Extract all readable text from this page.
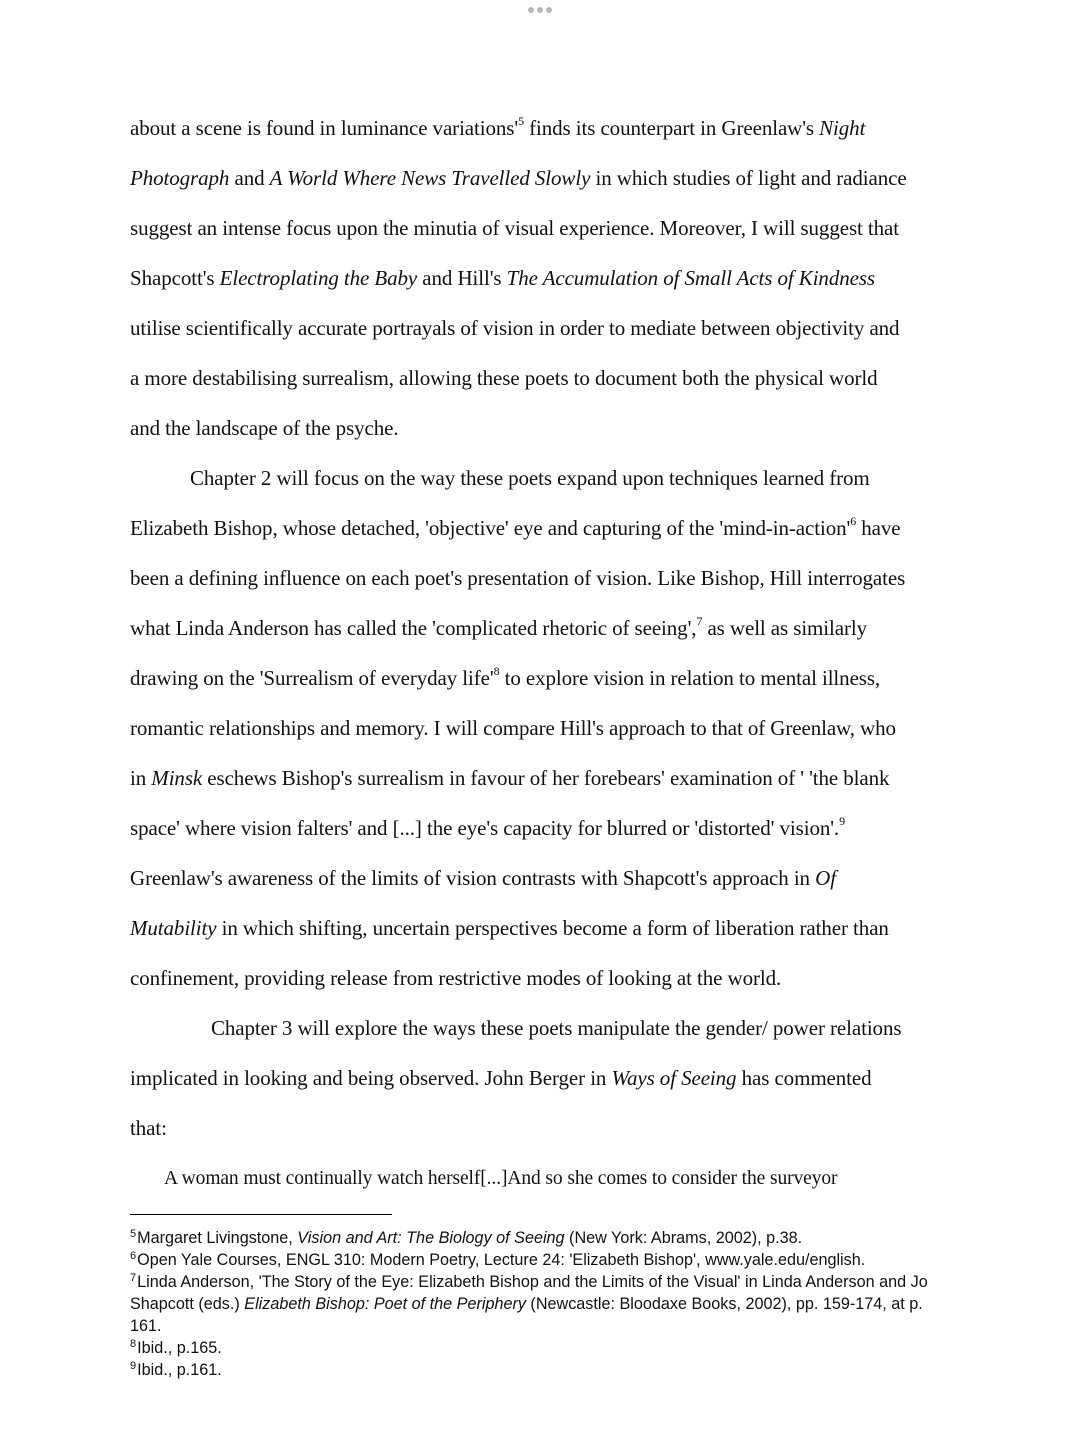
about a scene is found in luminance $variations'^5$ finds its counterpart in Greenlaw's Night
Photograph and A World Where News Travelled Slowly in which studies of light and radiance
suggest an intense focus upon the minutia of visual experience. Moreover, I will suggest that
Shapcott's Electroplating the Baby and Hill's The Accumulation of Small Acts of Kindness
utilise scientifically accurate portrayals of vision in order to mediate between objectivity and
a more destabilising surrealism, allowing these poets to document both the physical world
and the landscape of the psyche.
Chapter 2 will focus on the way these poets expand upon techniques learned from
Elizabeth Bishop, whose detached, 'objective' eye and capturing of the '$\min d-in-action'^6$ have
been a defining influence on each poet's presentation of vision. Like Bishop, Hill interrogates
what Linda Anderson has called the 'complicated rhetoric of seeing',$^7$ as well as similarly
drawing on the 'Surrealism of everyday $life'^8$ to explore vision in relation to mental illness,
romantic relationships and memory. I will compare Hill's approach to that of Greenlaw, who
in Minsk eschews Bishop's surrealism in favour of her forebears' examination of ' 'the blank
space' where vision falters' and [...] the eye's capacity for blurred or 'distorted' vision'.$^9$
Greenlaw's awareness of the limits of vision contrasts with Shapcott's approach in Of
Mutability in which shifting, uncertain perspectives become a form of liberation rather than
confinement, providing release from restrictive modes of looking at the world.
Chapter 3 will explore the ways these poets manipulate the gender/ power relations
implicated in looking and being observed. John Berger in Ways of Seeing has commented
that:
A woman must continually watch herself[...]And so she comes to consider the surveyor
$^5$Margaret Livingstone, Vision and Art: The Biology of Seeing (New York: Abrams, 2002), p.38.
$^6$Open Yale Courses, ENGL 310: Modern Poetry, Lecture 24: 'Elizabeth Bishop', www.yale.edu/english.
$^7$Linda Anderson, 'The Story of the Eye: Elizabeth Bishop and the Limits of the Visual' in Linda Anderson and Jo
Shapcott (eds.) Elizabeth Bishop: Poet of the Periphery (Newcastle: Bloodaxe Books, 2002), pp. 159-174, at p.
161.
$^8$Ibid., p.165.
$^9$Ibid., p.161.
